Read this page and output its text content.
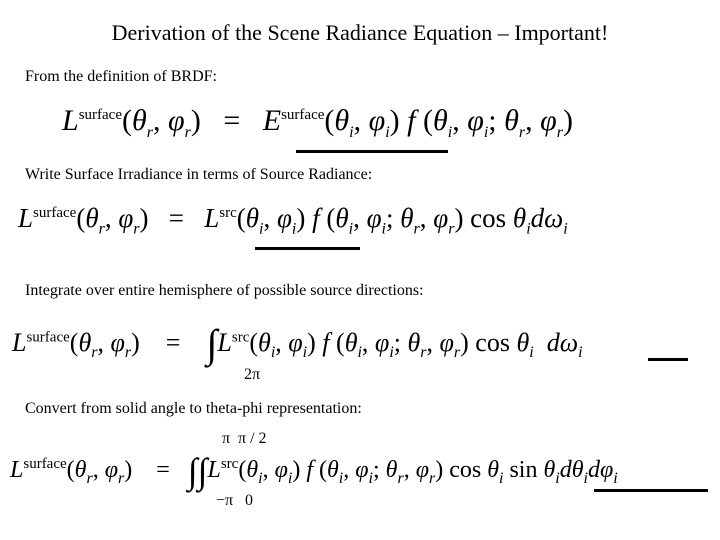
Derivation of the Scene Radiance Equation – Important!
From the definition of BRDF:
$L^{surface}(\theta_r$, $\varphi_r) = E^{surface}(\theta_i$, $\varphi_i$) f ($\theta_i$, $\varphi_i$; $\theta_r$, $\varphi_r$)
Write Surface Irradiance in terms of Source Radiance:
$L^{surface}(\theta_r$, $\varphi_r) = L^{src}(\theta_i$, $\varphi_i$) f ($\theta_i$, $\varphi_i$; $\theta_r$, $\varphi_r$) $\cos \theta_id\omega_i$
Integrate over entire hemisphere of possible source directions:
$L^{surface}(\theta_r$, $\varphi_r$)    =    $\int L^{src}(\theta_i$, $\varphi_i$) f ($\theta_i$, $\varphi_i$; $\theta_r$, $\varphi_r$) $\cos \theta_i$ $d\omega_i$
2π
Convert from solid angle to theta-phi representation:
π π / 2
$L^{surface}(\theta_r$, $\varphi_r$)    =   $\int\int L^{src}(\theta_i$, $\varphi_i$) f ($\theta_i$, $\varphi_i$; $\theta_r$, $\varphi_r$) $\cos \theta_i$ $\sin \theta_id\theta_id\varphi_i$
−π 0
